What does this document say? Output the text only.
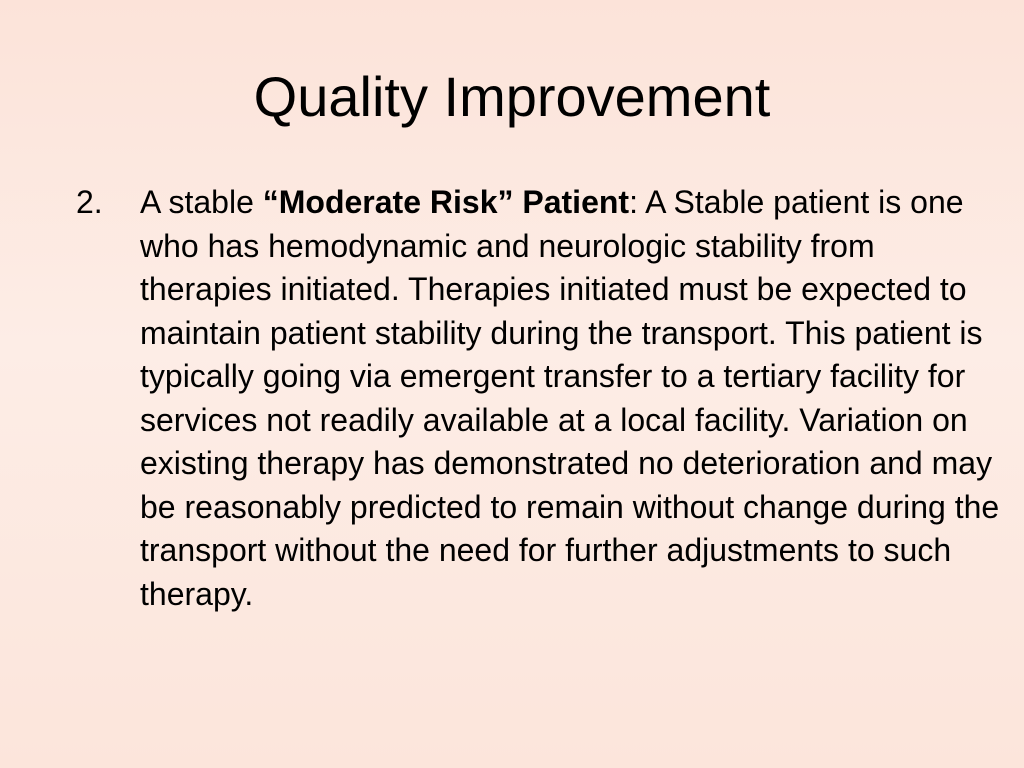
Quality Improvement
2. A stable “Moderate Risk” Patient: A Stable patient is one who has hemodynamic and neurologic stability from therapies initiated. Therapies initiated must be expected to maintain patient stability during the transport. This patient is typically going via emergent transfer to a tertiary facility for services not readily available at a local facility. Variation on existing therapy has demonstrated no deterioration and may be reasonably predicted to remain without change during the transport without the need for further adjustments to such therapy.
